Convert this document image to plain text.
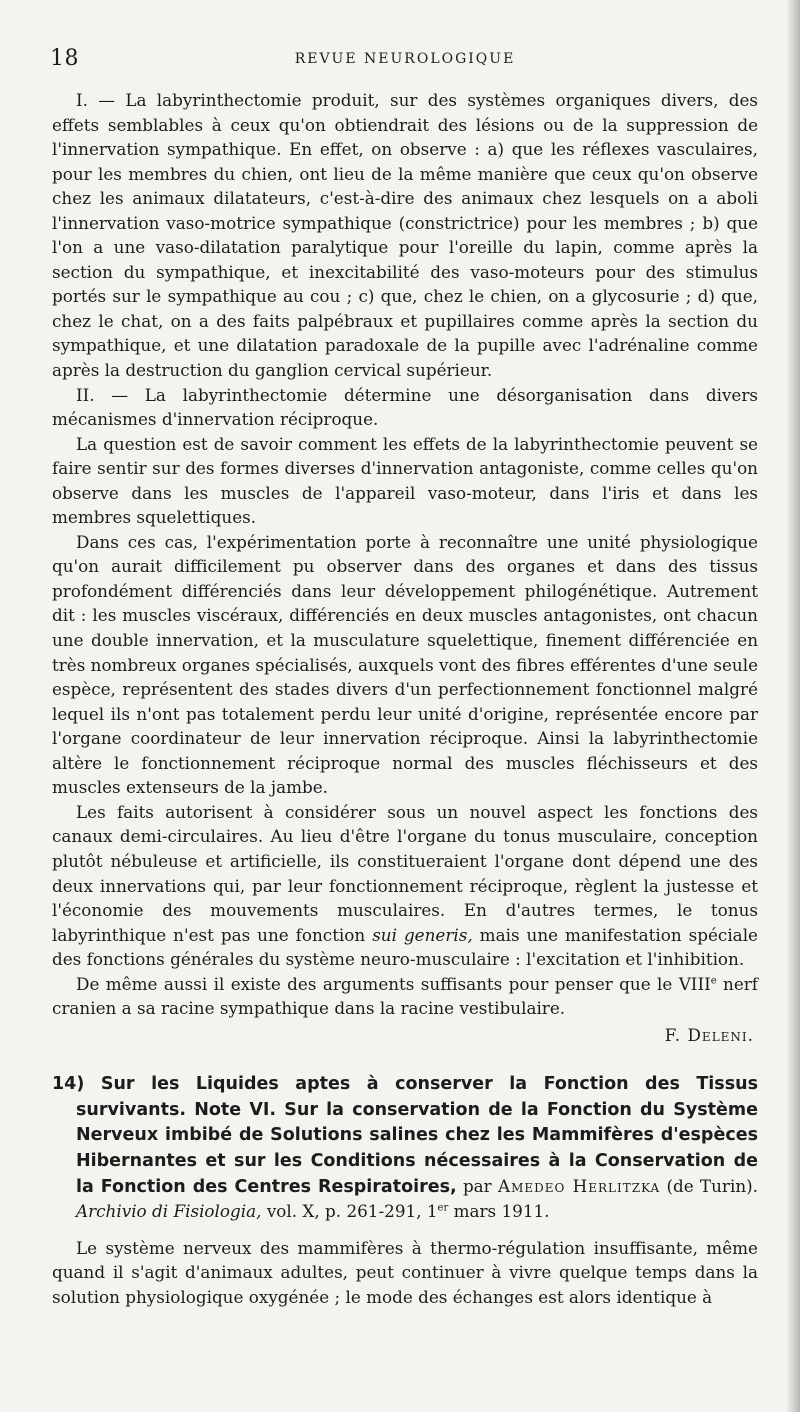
18	REVUE NEUROLOGIQUE

I. — La labyrinthectomie produit, sur des systèmes organiques divers, des effets semblables à ceux qu'on obtiendrait des lésions ou de la suppression de l'innervation sympathique. En effet, on observe : a) que les réflexes vasculaires, pour les membres du chien, ont lieu de la même manière que ceux qu'on observe chez les animaux dilatateurs, c'est-à-dire des animaux chez lesquels on a aboli l'innervation vaso-motrice sympathique (constrictrice) pour les membres ; b) que l'on a une vaso-dilatation paralytique pour l'oreille du lapin, comme après la section du sympathique, et inexcitabilité des vaso-moteurs pour des stimulus portés sur le sympathique au cou ; c) que, chez le chien, on a glycosurie ; d) que, chez le chat, on a des faits palpébraux et pupillaires comme après la section du sympathique, et une dilatation paradoxale de la pupille avec l'adrénaline comme après la destruction du ganglion cervical supérieur.

II. — La labyrinthectomie détermine une désorganisation dans divers mécanismes d'innervation réciproque.

La question est de savoir comment les effets de la labyrinthectomie peuvent se faire sentir sur des formes diverses d'innervation antagoniste, comme celles qu'on observe dans les muscles de l'appareil vaso-moteur, dans l'iris et dans les membres squelettiques.

Dans ces cas, l'expérimentation porte à reconnaître une unité physiologique qu'on aurait difficilement pu observer dans des organes et dans des tissus profondément différenciés dans leur développement philogénétique. Autrement dit : les muscles viscéraux, différenciés en deux muscles antagonistes, ont chacun une double innervation, et la musculature squelettique, finement différenciée en très nombreux organes spécialisés, auxquels vont des fibres efférentes d'une seule espèce, représentent des stades divers d'un perfectionnement fonctionnel malgré lequel ils n'ont pas totalement perdu leur unité d'origine, représentée encore par l'organe coordinateur de leur innervation réciproque. Ainsi la labyrinthectomie altère le fonctionnement réciproque normal des muscles fléchisseurs et des muscles extenseurs de la jambe.

Les faits autorisent à considérer sous un nouvel aspect les fonctions des canaux demi-circulaires. Au lieu d'être l'organe du tonus musculaire, conception plutôt nébuleuse et artificielle, ils constitueraient l'organe dont dépend une des deux innervations qui, par leur fonctionnement réciproque, règlent la justesse et l'économie des mouvements musculaires. En d'autres termes, le tonus labyrinthique n'est pas une fonction sui generis, mais une manifestation spéciale des fonctions générales du système neuro-musculaire : l'excitation et l'inhibition.

De même aussi il existe des arguments suffisants pour penser que le VIIIe nerf cranien a sa racine sympathique dans la racine vestibulaire.

F. Deleni.

14) Sur les Liquides aptes à conserver la Fonction des Tissus survivants. Note VI. Sur la conservation de la Fonction du Système Nerveux imbibé de Solutions salines chez les Mammifères d'espèces Hibernantes et sur les Conditions nécessaires à la Conservation de la Fonction des Centres Respiratoires, par Amedeo Herlitzka (de Turin). Archivio di Fisiologia, vol. X, p. 261-291, 1er mars 1911.

Le système nerveux des mammifères à thermo-régulation insuffisante, même quand il s'agit d'animaux adultes, peut continuer à vivre quelque temps dans la solution physiologique oxygénée ; le mode des échanges est alors identique à
